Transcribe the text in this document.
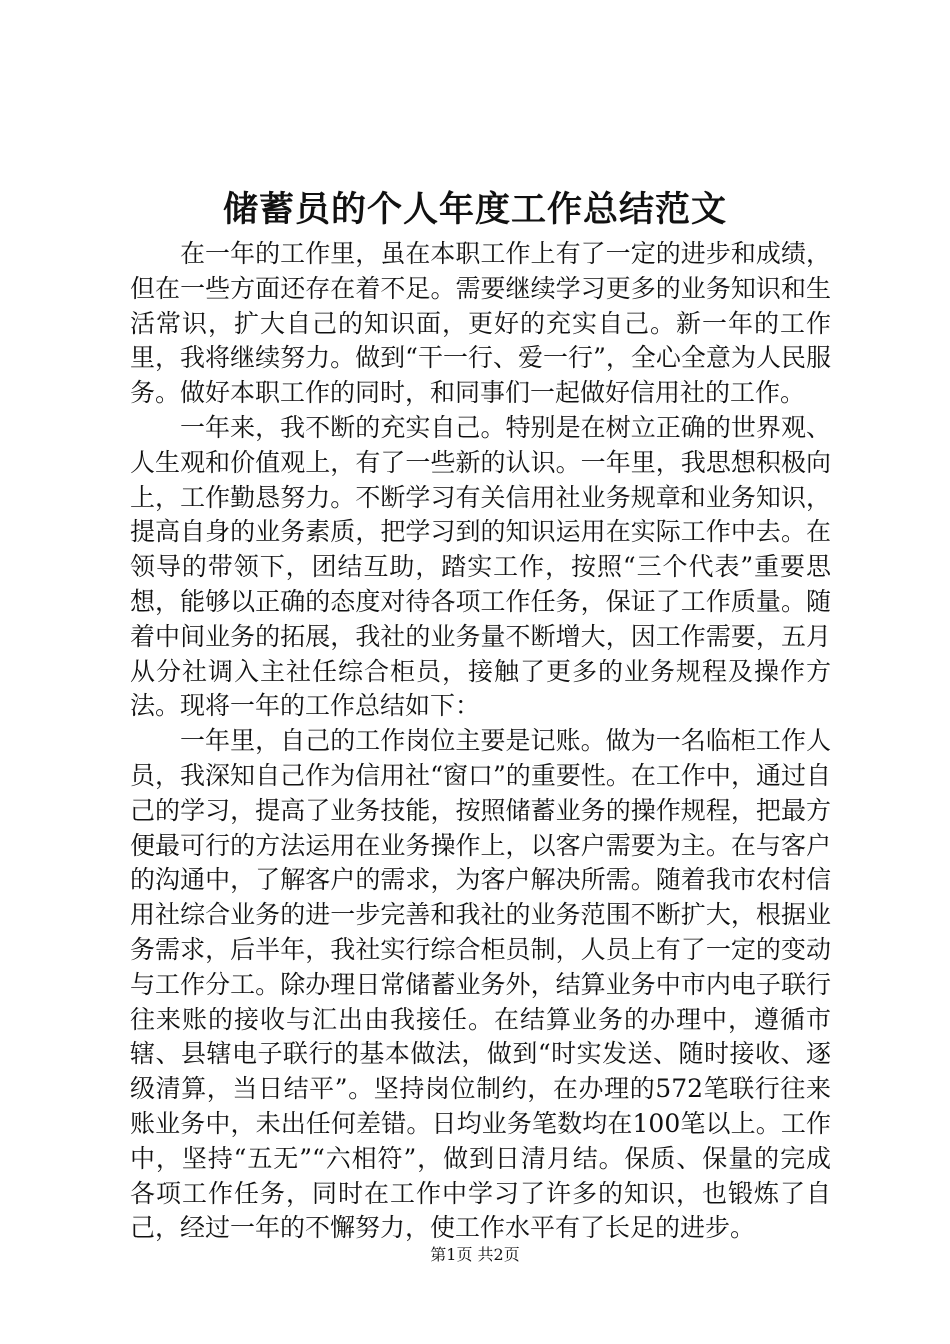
储蓄员的个人年度工作总结范文

在一年的工作里，虽在本职工作上有了一定的进步和成绩，但在一些方面还存在着不足。需要继续学习更多的业务知识和生活常识，扩大自己的知识面，更好的充实自己。新一年的工作里，我将继续努力。做到“干一行、爱一行”，全心全意为人民服务。做好本职工作的同时，和同事们一起做好信用社的工作。

一年来，我不断的充实自己。特别是在树立正确的世界观、人生观和价值观上，有了一些新的认识。一年里，我思想积极向上，工作勤恳努力。不断学习有关信用社业务规章和业务知识，提高自身的业务素质，把学习到的知识运用在实际工作中去。在领导的带领下，团结互助，踏实工作，按照“三个代表”重要思想，能够以正确的态度对待各项工作任务，保证了工作质量。随着中间业务的拓展，我社的业务量不断增大，因工作需要，五月从分社调入主社任综合柜员，接触了更多的业务规程及操作方法。现将一年的工作总结如下：

一年里，自己的工作岗位主要是记账。做为一名临柜工作人员，我深知自己作为信用社“窗口”的重要性。在工作中，通过自己的学习，提高了业务技能，按照储蓄业务的操作规程，把最方便最可行的方法运用在业务操作上，以客户需要为主。在与客户的沟通中，了解客户的需求，为客户解决所需。随着我市农村信用社综合业务的进一步完善和我社的业务范围不断扩大，根据业务需求，后半年，我社实行综合柜员制，人员上有了一定的变动与工作分工。除办理日常储蓄业务外，结算业务中市内电子联行往来账的接收与汇出由我接任。在结算业务的办理中，遵循市辖、县辖电子联行的基本做法，做到“时实发送、随时接收、逐级清算，当日结平”。坚持岗位制约，在办理的572笔联行往来账业务中，未出任何差错。日均业务笔数均在100笔以上。工作中，坚持“五无”“六相符”，做到日清月结。保质、保量的完成各项工作任务，同时在工作中学习了许多的知识，也锻炼了自己，经过一年的不懈努力，使工作水平有了长足的进步。

第1页 共2页
